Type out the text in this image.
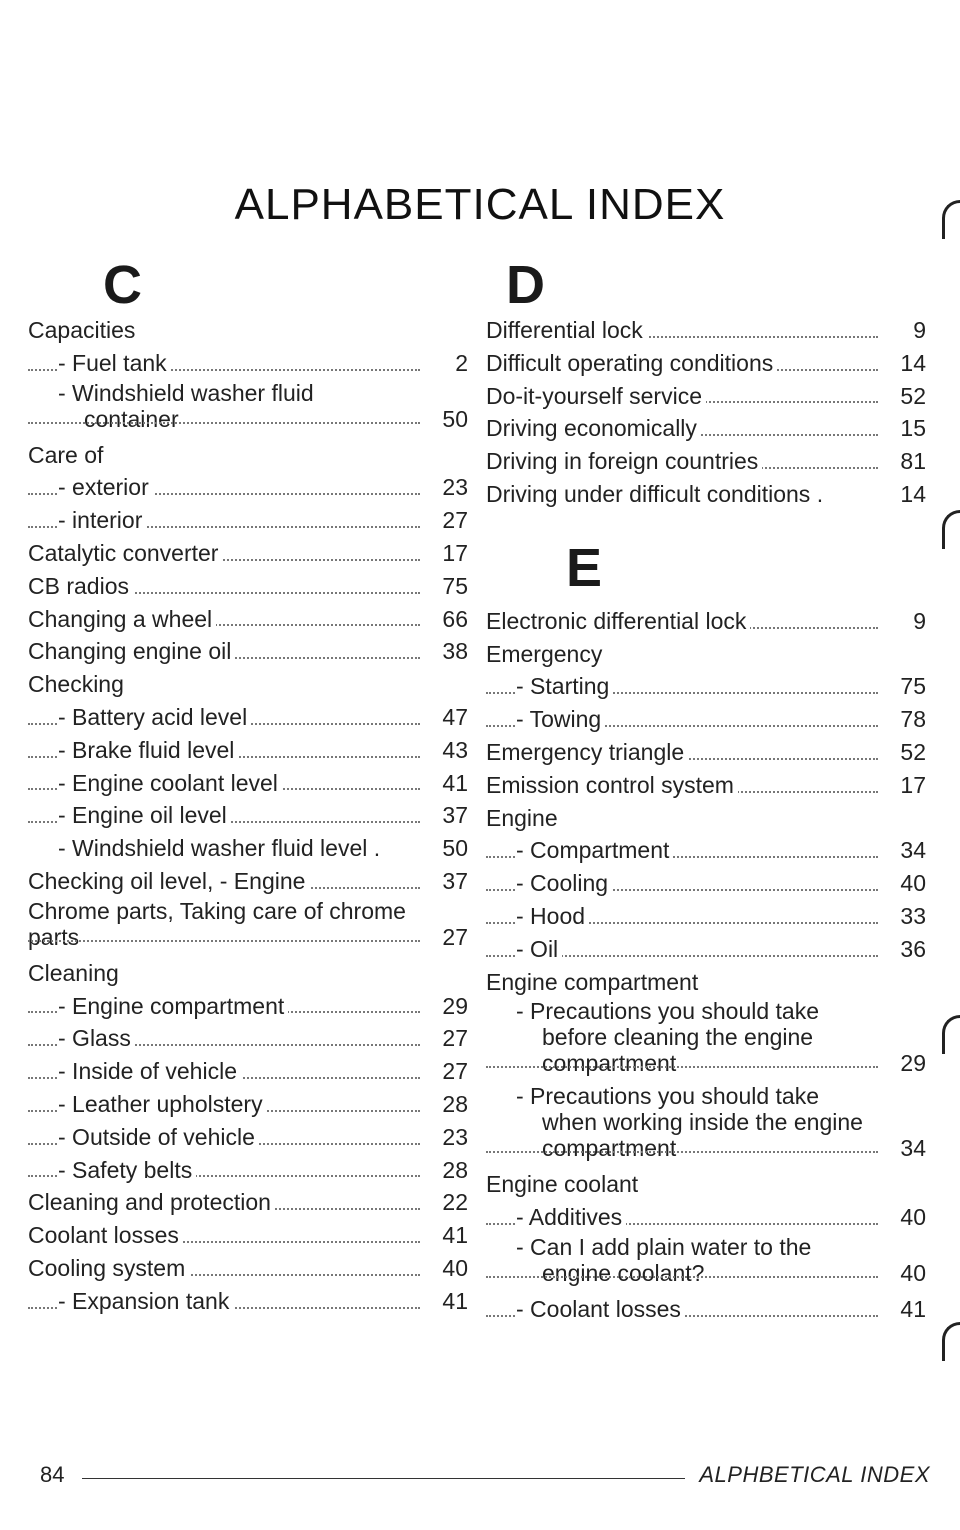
ALPHABETICAL INDEX
C
Capacities
- Fuel tank	2
- Windshield washer fluid
container	50
Care of
- exterior	23
- interior	27
Catalytic converter	17
CB radios	75
Changing a wheel	66
Changing engine oil	38
Checking
- Battery acid level	47
- Brake fluid level	43
- Engine coolant level	41
- Engine oil level	37
- Windshield washer fluid level .	50
Checking oil level, - Engine	37
Chrome parts, Taking care of chrome
parts	27
Cleaning
- Engine compartment	29
- Glass	27
- Inside of vehicle	27
- Leather upholstery	28
- Outside of vehicle	23
- Safety belts	28
Cleaning and protection	22
Coolant losses	41
Cooling system	40
- Expansion tank	41
D
Differential lock	9
Difficult operating conditions	14
Do-it-yourself service	52
Driving economically	15
Driving in foreign countries	81
Driving under difficult conditions .	14
E
Electronic differential lock	9
Emergency
- Starting	75
- Towing	78
Emergency triangle	52
Emission control system	17
Engine
- Compartment	34
- Cooling	40
- Hood	33
- Oil	36
Engine compartment
- Precautions you should take
before cleaning the engine
compartment	29
- Precautions you should take
when working inside the engine
compartment	34
Engine coolant
- Additives	40
- Can I add plain water to the
engine coolant?	40
- Coolant losses	41
84	ALPHBETICAL INDEX
